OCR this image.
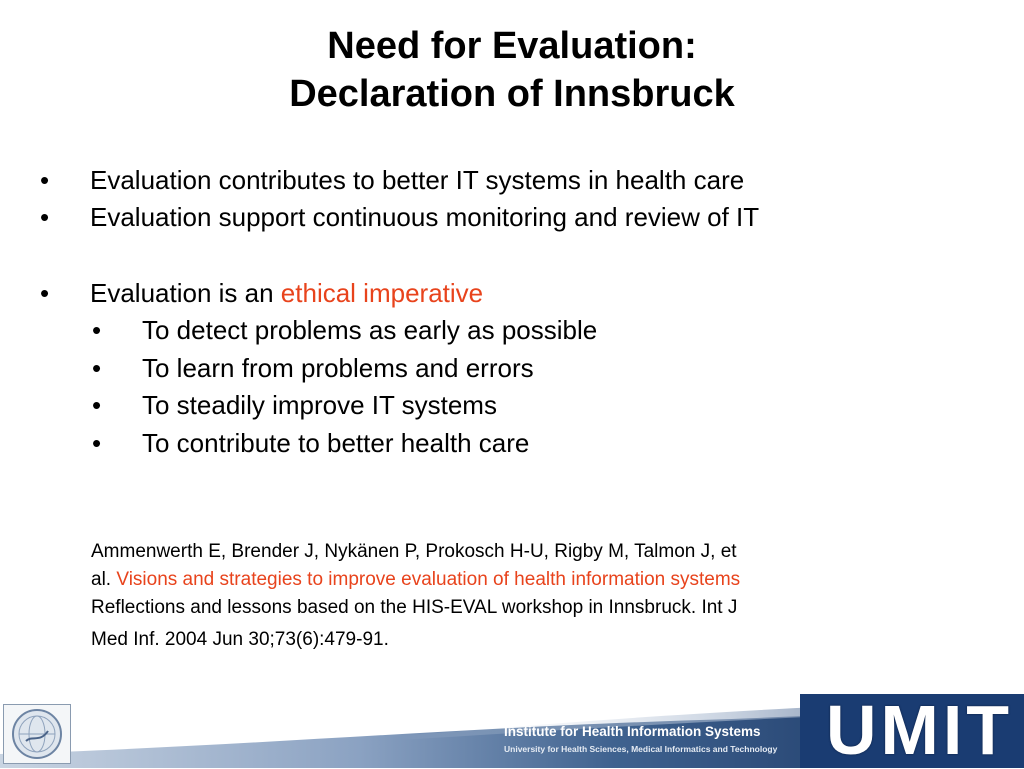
Need for Evaluation:
Declaration of Innsbruck
• Evaluation contributes to better IT systems in health care
• Evaluation support continuous monitoring and review of IT
• Evaluation is an ethical imperative
• To detect problems as early as possible
• To learn from problems and errors
• To steadily improve IT systems
• To contribute to better health care
Ammenwerth E, Brender J, Nykänen P, Prokosch H-U, Rigby M, Talmon J, et
al. Visions and strategies to improve evaluation of health information systems
Reflections and lessons based on the HIS-EVAL workshop in Innsbruck. Int J
Med Inf. 2004 Jun 30;73(6):479-91.
Institute for Health Information Systems
University for Health Sciences, Medical Informatics and Technology UMIT
